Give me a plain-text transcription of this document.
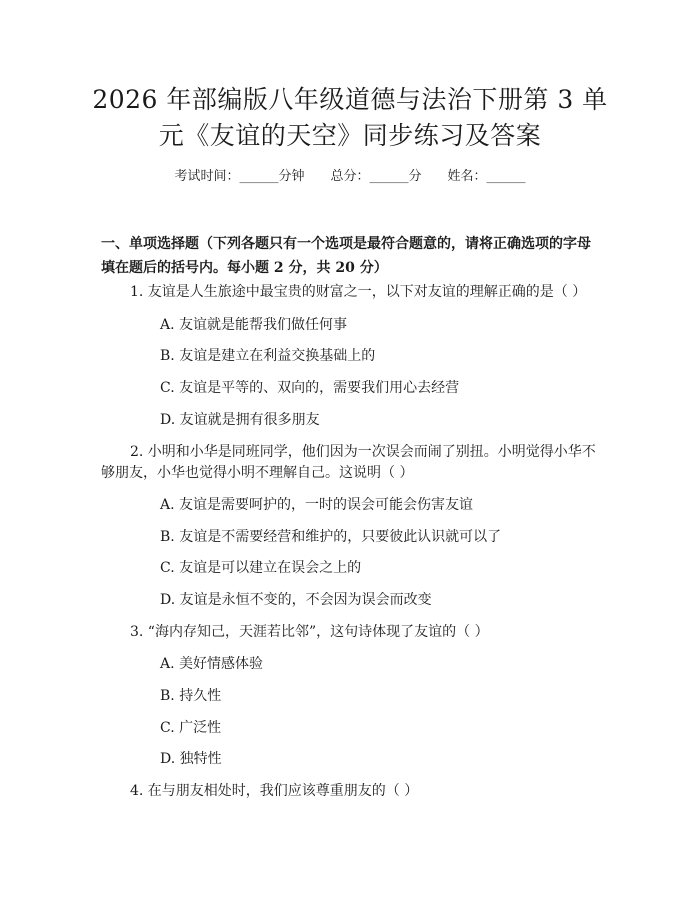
2026 年部编版八年级道德与法治下册第 3 单
元《友谊的天空》同步练习及答案
考试时间：______分钟 总分：______分 姓名：______
一、单项选择题（下列各题只有一个选项是最符合题意的，请将正确选项的字母
填在题后的括号内。每小题 2 分，共 20 分）
1. 友谊是人生旅途中最宝贵的财富之一，以下对友谊的理解正确的是（ ）
A. 友谊就是能帮我们做任何事
B. 友谊是建立在利益交换基础上的
C. 友谊是平等的、双向的，需要我们用心去经营
D. 友谊就是拥有很多朋友
2. 小明和小华是同班同学，他们因为一次误会而闹了别扭。小明觉得小华不
够朋友，小华也觉得小明不理解自己。这说明（ ）
A. 友谊是需要呵护的，一时的误会可能会伤害友谊
B. 友谊是不需要经营和维护的，只要彼此认识就可以了
C. 友谊是可以建立在误会之上的
D. 友谊是永恒不变的，不会因为误会而改变
3. “海内存知己，天涯若比邻”，这句诗体现了友谊的（ ）
A. 美好情感体验
B. 持久性
C. 广泛性
D. 独特性
4. 在与朋友相处时，我们应该尊重朋友的（ ）
